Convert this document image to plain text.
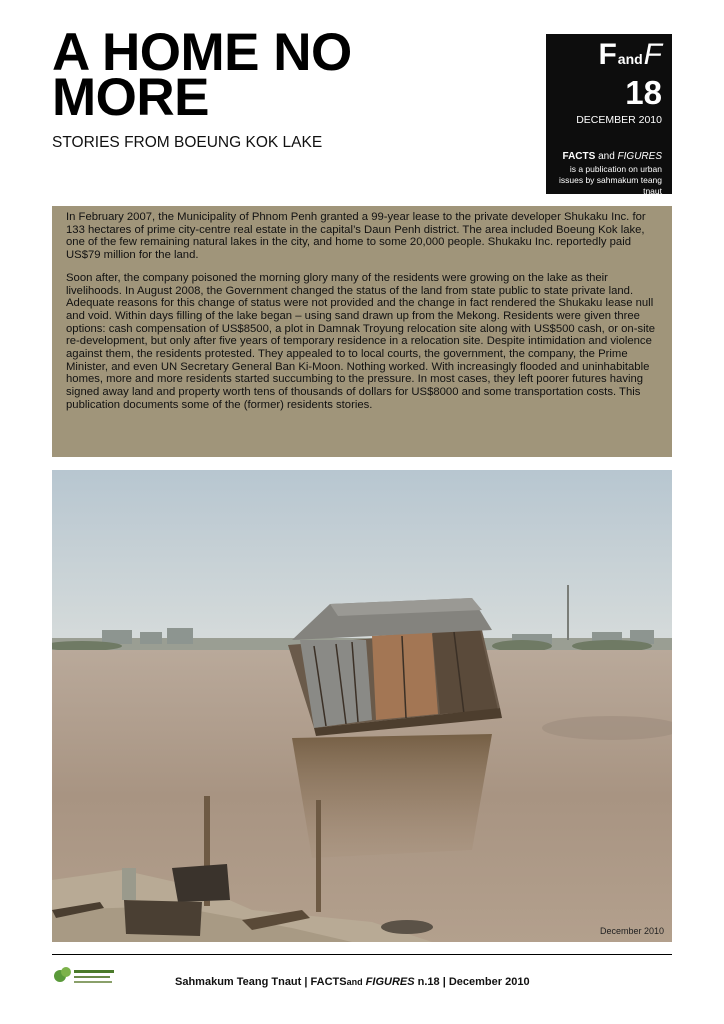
A HOME NO MORE
STORIES FROM BOEUNG KOK LAKE
F and F
18
DECEMBER 2010
FACTS and FIGURES
is a publication on urban issues by sahmakum teang tnaut

In February 2007, the Municipality of Phnom Penh granted a 99-year lease to the private developer Shukaku Inc. for 133 hectares of prime city-centre real estate in the capital’s Daun Penh district. The area included Boeung Kok lake, one of the few remaining natural lakes in the city, and home to some 20,000 people. Shukaku Inc. reportedly paid US$79 million for the land.

Soon after, the company poisoned the morning glory many of the residents were growing on the lake as their livelihoods. In August 2008, the Government changed the status of the land from state public to state private land. Adequate reasons for this change of status were not provided and the change in fact rendered the Shukaku lease null and void. Within days filling of the lake began – using sand drawn up from the Mekong. Residents were given three options: cash compensation of US$8500, a plot in Damnak Troyung relocation site along with US$500 cash, or on-site re-development, but only after five years of temporary residence in a relocation site. Despite intimidation and violence against them, the residents protested. They appealed to to local courts, the government, the company, the Prime Minister, and even UN Secretary General Ban Ki-Moon. Nothing worked. With increasingly flooded and uninhabitable homes, more and more residents started succumbing to the pressure. In most cases, they left poorer futures having signed away land and property worth tens of thousands of dollars for US$8000 and some transportation costs. This publication documents some of the (former) residents stories.

December 2010
Sahmakum Teang Tnaut | FACTSand FIGURES n.18 | December 2010
